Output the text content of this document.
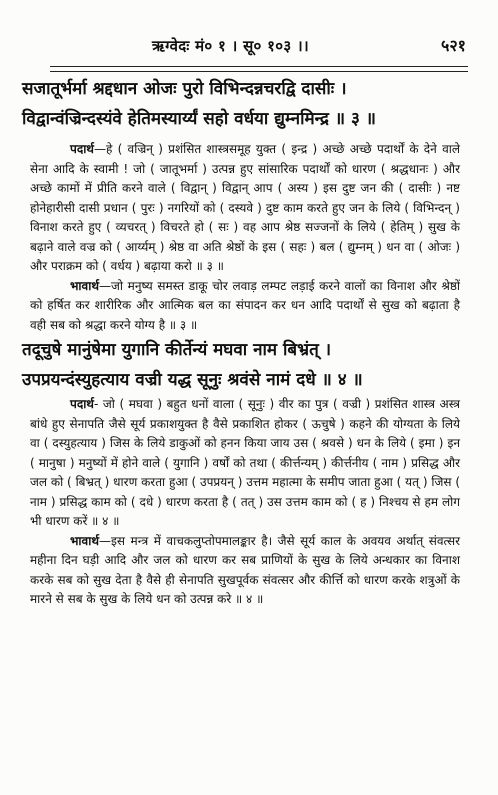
ऋग्वेदः मं० १ । सू० १०३ ।।	५२१
सजातूर्भर्मा श्रद्दधान ओजः पुरो विभिन्दन्नचरद्वि दासीः ।
विद्वान्वंज्रिन्दस्यंवे हेतिमस्यार्य्यं सहो वर्धया द्युम्नमिन्द्र ॥ ३ ॥
पदार्थ—हे ( वज्रिन् ) प्रशंसित शास्त्रसमूह युक्त ( इन्द्र ) अच्छे अच्छे पदार्थों के देने वाले सेना आदि के स्वामी ! जो ( जातूभर्मा ) उत्पन्न हुए सांसारिक पदार्थों को धारण ( श्रद्धधानः ) और अच्छे कामों में प्रीति करने वाले ( विद्वान् ) विद्वान् आप ( अस्य ) इस दुष्ट जन की ( दासीः ) नष्ट होनेहारीसी दासी प्रधान ( पुरः ) नगरियों को ( दस्यवे ) दुष्ट काम करते हुए जन के लिये ( विभिन्दन् ) विनाश करते हुए ( व्यचरत् ) विचरते हो ( सः ) वह आप श्रेष्ठ सज्जनों के लिये ( हेतिम् ) सुख के बढ़ाने वाले वज्र को ( आर्य्यम् ) श्रेष्ठ वा अति श्रेष्ठों के इस ( सहः ) बल ( द्युम्नम् ) धन वा ( ओजः ) और पराक्रम को ( वर्धय ) बढ़ाया करो ॥ ३ ॥
भावार्थ—जो मनुष्य समस्त डाकू चोर लवाड़ लम्पट लड़ाई करने वालों का विनाश और श्रेष्ठों को हर्षित कर शारीरिक और आत्मिक बल का संपादन कर धन आदि पदार्थों से सुख को बढ़ाता है वही सब को श्रद्धा करने योग्य है ॥ ३ ॥
तदूचुषे मानुंषेमा युगानि कीर्तेन्यं मघवा नाम बिभ्रंत् ।
उपप्रयन्दंस्युहत्याय वज्री यद्ध सूनुः श्रवंसे नामं दधे ॥ ४ ॥
पदार्थ- जो ( मघवा ) बहुत धनों वाला ( सूनुः ) वीर का पुत्र ( वज्री ) प्रशंसित शास्त्र अस्त्र बांधे हुए सेनापति जैसे सूर्य प्रकाशयुक्त है वैसे प्रकाशित होकर ( ऊचुषे ) कहने की योग्यता के लिये वा ( दस्युहत्याय ) जिस के लिये डाकुओं को हनन किया जाय उस ( श्रवसे ) धन के लिये ( इमा ) इन ( मानुषा ) मनुष्यों में होने वाले ( युगानि ) वर्षों को तथा ( कीर्त्तन्यम् ) कीर्त्तनीय ( नाम ) प्रसिद्ध और जल को ( बिभ्रत् ) धारण करता हुआ ( उपप्रयन् ) उत्तम महात्मा के समीप जाता हुआ ( यत् ) जिस ( नाम ) प्रसिद्ध काम को ( दधे ) धारण करता है ( तत् ) उस उत्तम काम को ( ह ) निश्चय से हम लोग भी धारण करें ॥ ४ ॥
भावार्थ—इस मन्त्र में वाचकलुप्तोपमालङ्कार है। जैसे सूर्य काल के अवयव अर्थात् संवत्सर महीना दिन घड़ी आदि और जल को धारण कर सब प्राणियों के सुख के लिये अन्धकार का विनाश करके सब को सुख देता है वैसे ही सेनापति सुखपूर्वक संवत्सर और कीर्त्ति को धारण करके शत्रुओं के मारने से सब के सुख के लिये धन को उत्पन्न करे ॥ ४ ॥
